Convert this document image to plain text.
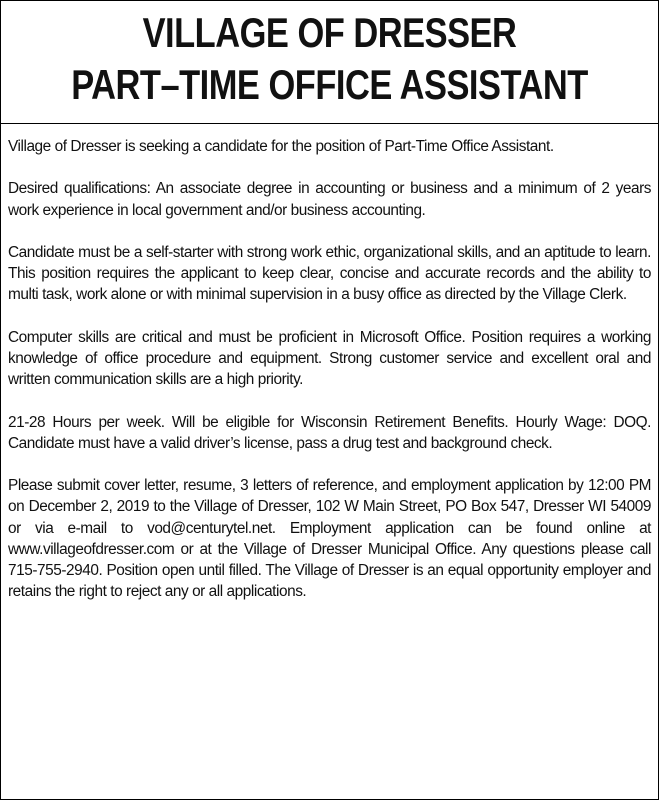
VILLAGE OF DRESSER
PART–TIME OFFICE ASSISTANT

Village of Dresser is seeking a candidate for the position of Part-Time Office Assistant.

Desired qualifications: An associate degree in accounting or business and a minimum of 2 years work experience in local government and/or business accounting.

Candidate must be a self-starter with strong work ethic, organizational skills, and an aptitude to learn. This position requires the applicant to keep clear, concise and accurate records and the ability to multi task, work alone or with minimal supervision in a busy office as directed by the Village Clerk.

Computer skills are critical and must be proficient in Microsoft Office. Position requires a working knowledge of office procedure and equipment. Strong customer service and excellent oral and written communication skills are a high priority.

21-28 Hours per week. Will be eligible for Wisconsin Retirement Benefits. Hourly Wage: DOQ. Candidate must have a valid driver’s license, pass a drug test and background check.

Please submit cover letter, resume, 3 letters of reference, and employment application by 12:00 PM on December 2, 2019 to the Village of Dresser, 102 W Main Street, PO Box 547, Dresser WI 54009 or via e-mail to vod@centurytel.net. Employment application can be found online at www.villageofdresser.com or at the Village of Dresser Municipal Office. Any questions please call 715-755-2940. Position open until filled. The Village of Dresser is an equal opportunity employer and retains the right to reject any or all applications.
